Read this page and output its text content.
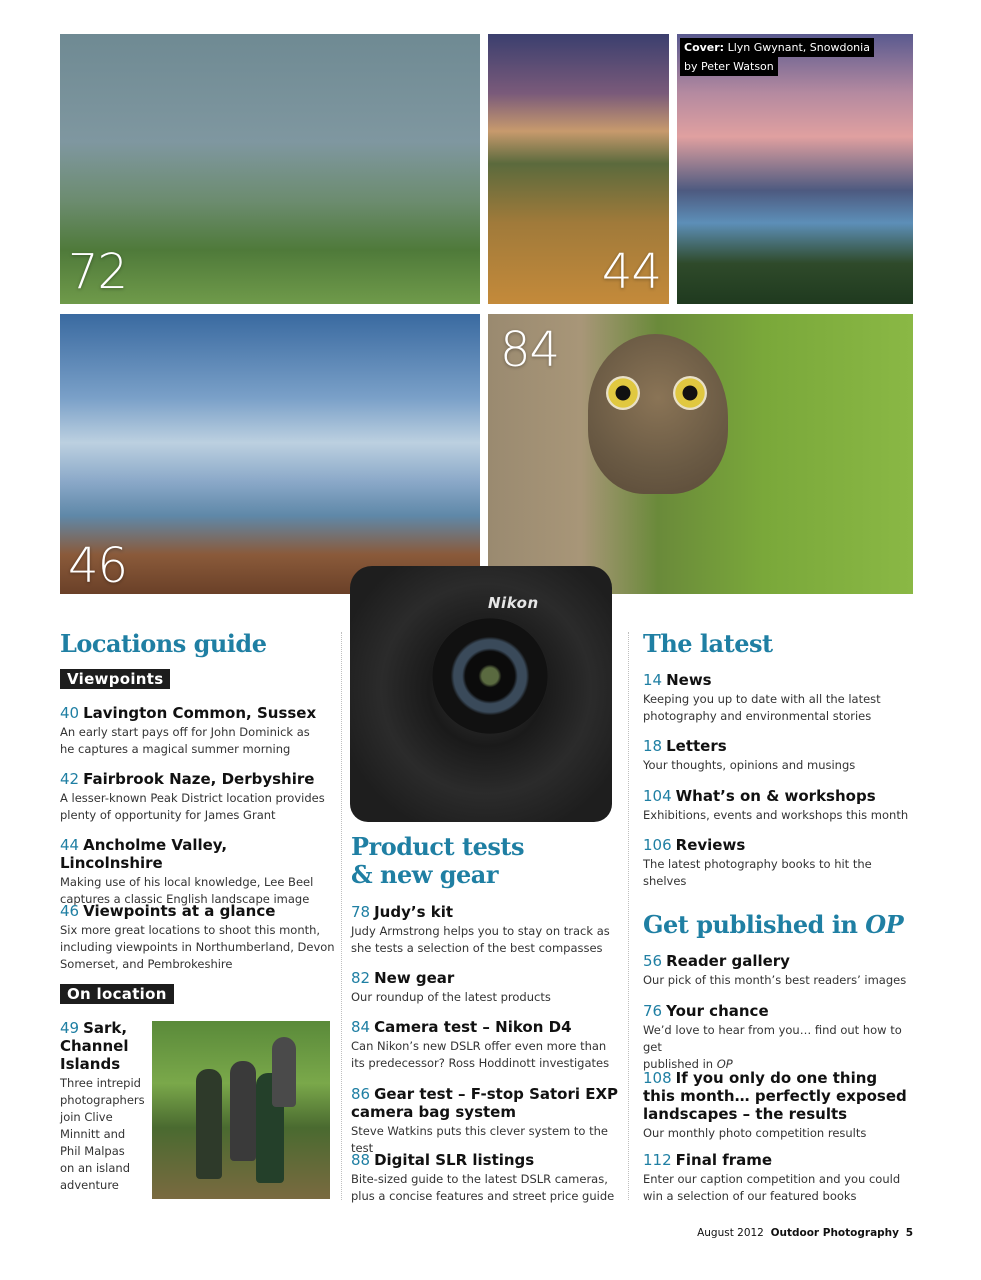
72	44
Cover: Llyn Gwynant, Snowdonia
by Peter Watson
46
84
Nikon
Locations guide
Viewpoints
40 Lavington Common, Sussex
An early start pays off for John Dominick as
he captures a magical summer morning
42 Fairbrook Naze, Derbyshire
A lesser-known Peak District location provides
plenty of opportunity for James Grant
44 Ancholme Valley, Lincolnshire
Making use of his local knowledge, Lee Beel
captures a classic English landscape image
46 Viewpoints at a glance
Six more great locations to shoot this month,
including viewpoints in Northumberland, Devon
Somerset, and Pembrokeshire
On location
49 Sark,
Channel
Islands
Three intrepid
photographers
join Clive
Minnitt and
Phil Malpas
on an island
adventure
Product tests
& new gear
78 Judy’s kit
Judy Armstrong helps you to stay on track as
she tests a selection of the best compasses
82 New gear
Our roundup of the latest products
84 Camera test – Nikon D4
Can Nikon’s new DSLR offer even more than
its predecessor? Ross Hoddinott investigates
86 Gear test – F-stop Satori EXP
camera bag system
Steve Watkins puts this clever system to the test
88 Digital SLR listings
Bite-sized guide to the latest DSLR cameras,
plus a concise features and street price guide
The latest
14 News
Keeping you up to date with all the latest
photography and environmental stories
18 Letters
Your thoughts, opinions and musings
104 What’s on & workshops
Exhibitions, events and workshops this month
106 Reviews
The latest photography books to hit the shelves
Get published in OP
56 Reader gallery
Our pick of this month’s best readers’ images
76 Your chance
We’d love to hear from you… find out how to get
published in OP
108 If you only do one thing
this month… perfectly exposed
landscapes – the results
Our monthly photo competition results
112 Final frame
Enter our caption competition and you could
win a selection of our featured books
August 2012 Outdoor Photography 5
